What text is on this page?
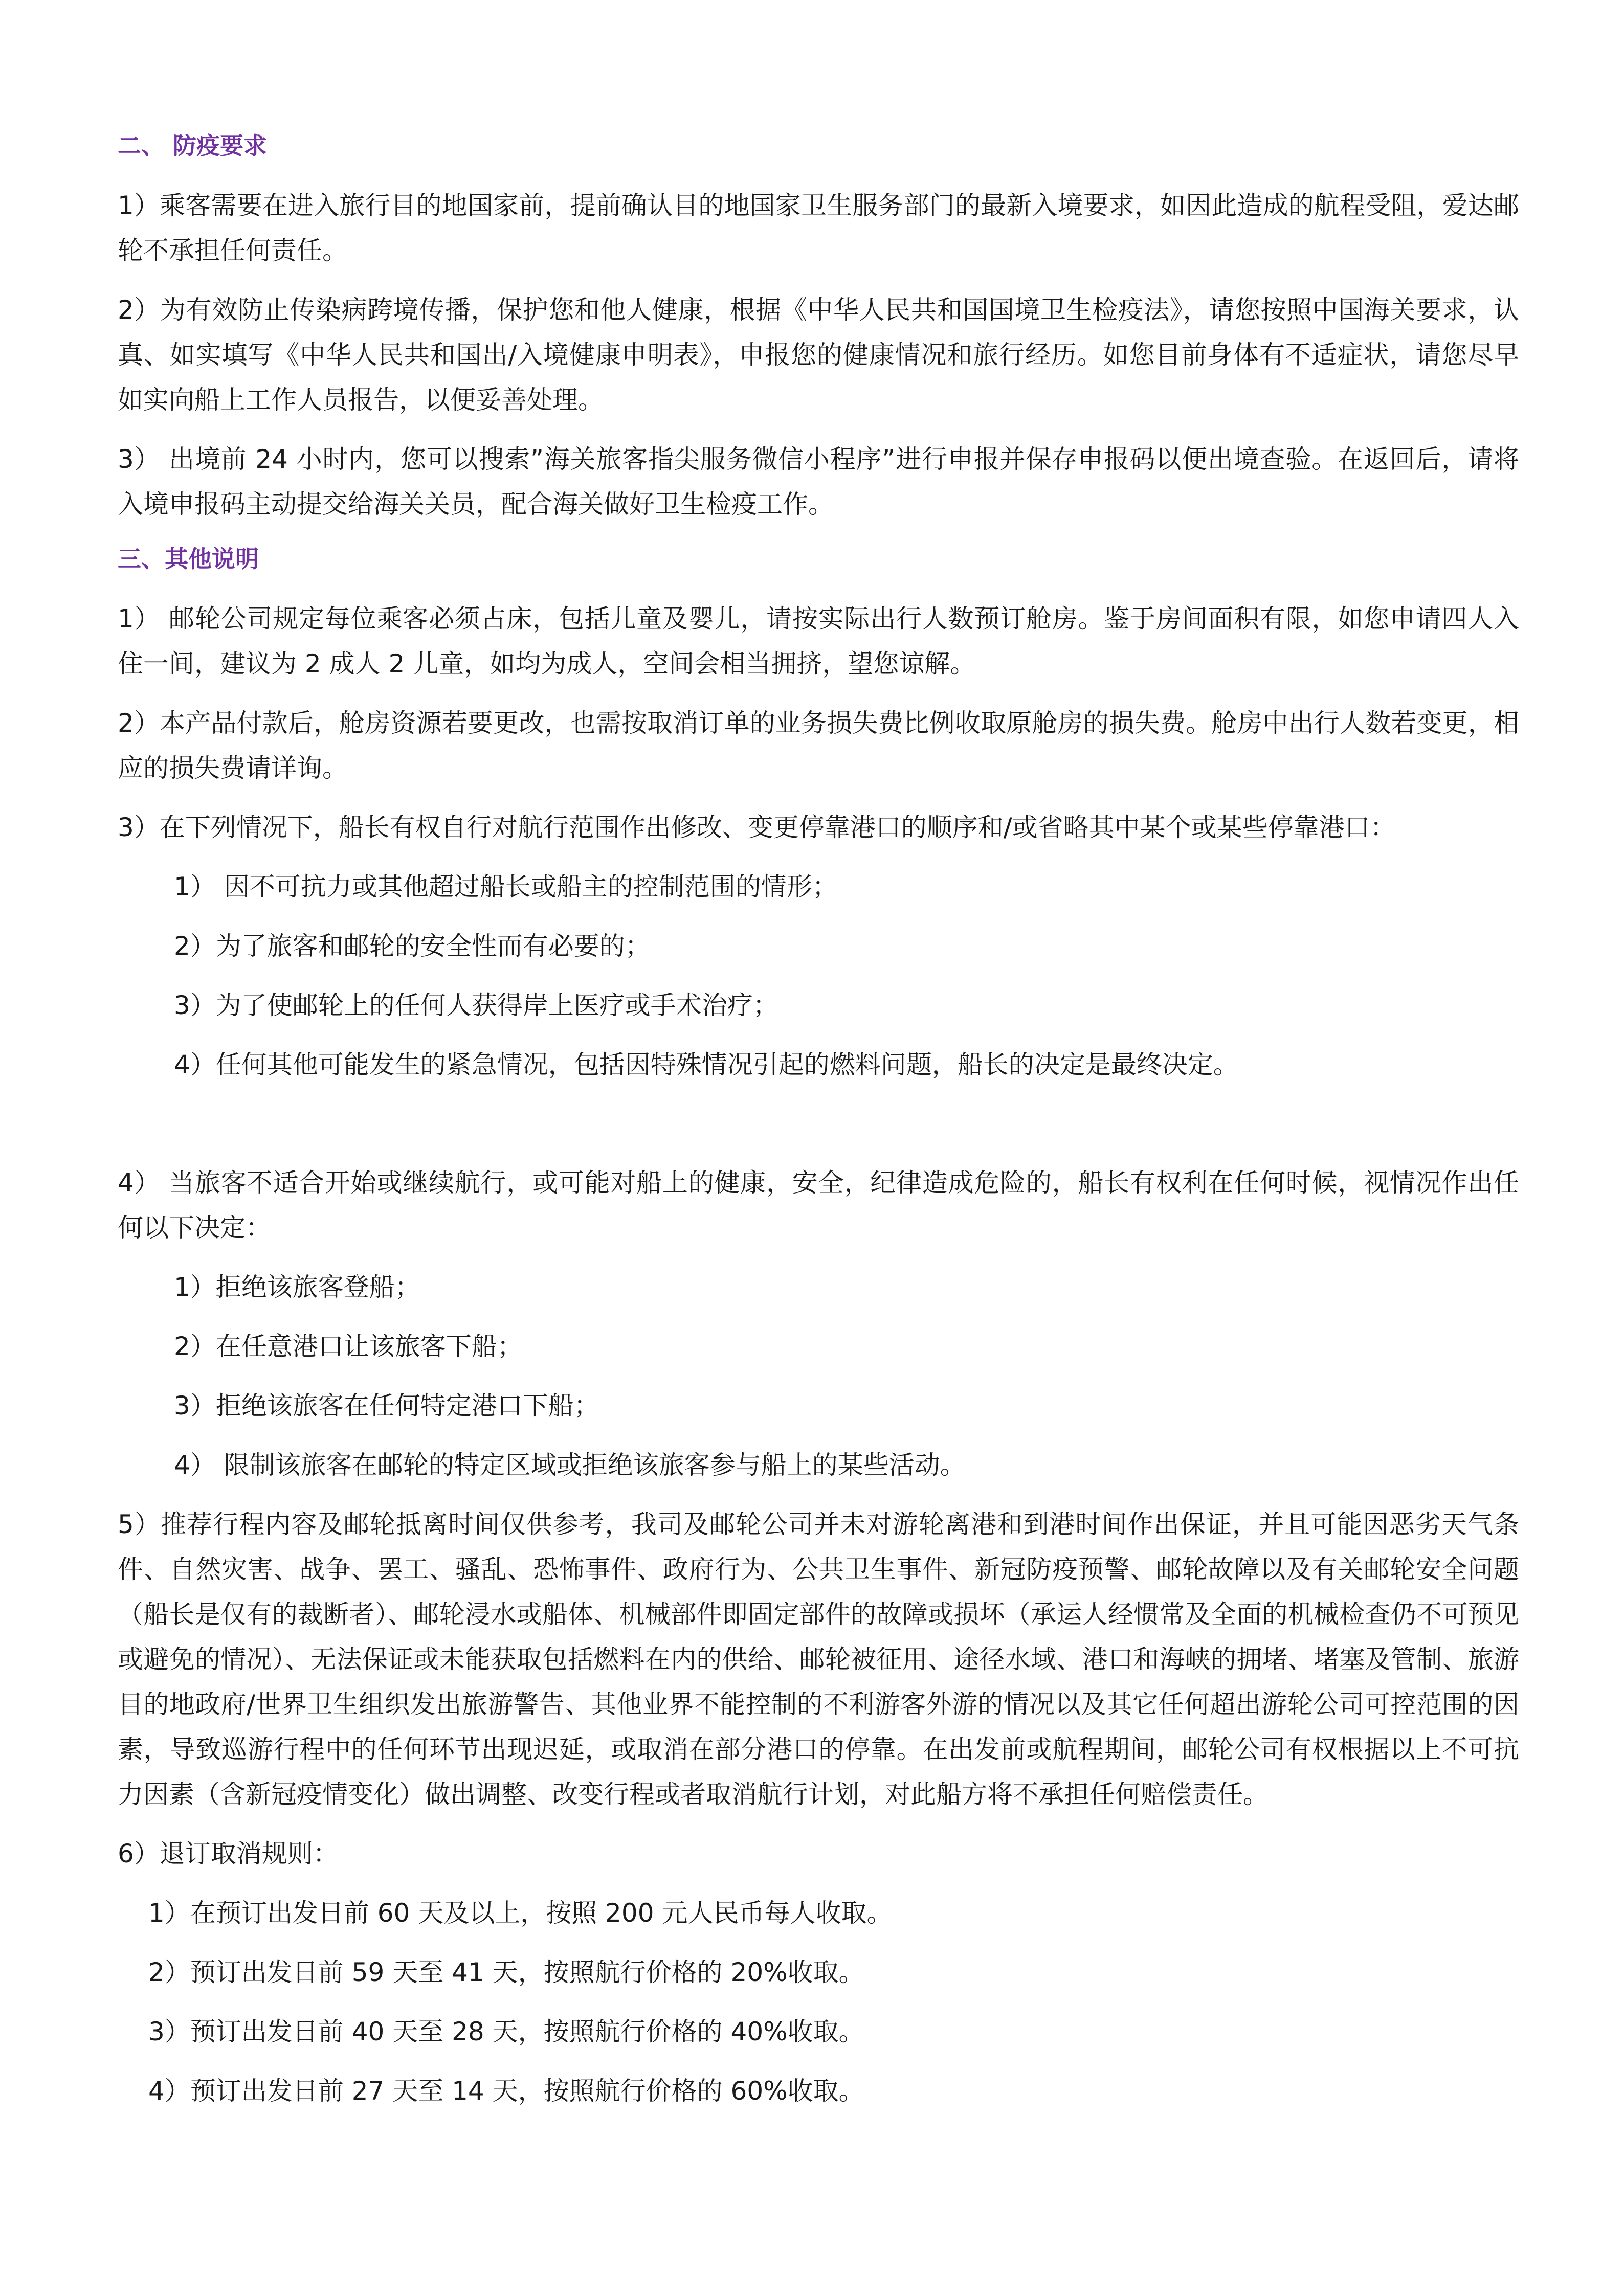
二、 防疫要求
1）乘客需要在进入旅行目的地国家前，提前确认目的地国家卫生服务部门的最新入境要求，如因此造成的航程受阻，爱达邮轮不承担任何责任。
2）为有效防止传染病跨境传播，保护您和他人健康，根据《中华人民共和国国境卫生检疫法》，请您按照中国海关要求，认真、如实填写《中华人民共和国出/入境健康申明表》，申报您的健康情况和旅行经历。如您目前身体有不适症状，请您尽早如实向船上工作人员报告，以便妥善处理。
3） 出境前 24 小时内，您可以搜索”海关旅客指尖服务微信小程序”进行申报并保存申报码以便出境查验。在返回后，请将入境申报码主动提交给海关关员，配合海关做好卫生检疫工作。
三、其他说明
1） 邮轮公司规定每位乘客必须占床，包括儿童及婴儿，请按实际出行人数预订舱房。鉴于房间面积有限，如您申请四人入住一间，建议为 2 成人 2 儿童，如均为成人，空间会相当拥挤，望您谅解。
2）本产品付款后，舱房资源若要更改，也需按取消订单的业务损失费比例收取原舱房的损失费。舱房中出行人数若变更，相应的损失费请详询。
3）在下列情况下，船长有权自行对航行范围作出修改、变更停靠港口的顺序和/或省略其中某个或某些停靠港口：
1） 因不可抗力或其他超过船长或船主的控制范围的情形；
2）为了旅客和邮轮的安全性而有必要的；
3）为了使邮轮上的任何人获得岸上医疗或手术治疗；
4）任何其他可能发生的紧急情况，包括因特殊情况引起的燃料问题，船长的决定是最终决定。
4） 当旅客不适合开始或继续航行，或可能对船上的健康，安全，纪律造成危险的，船长有权利在任何时候，视情况作出任何以下决定：
1）拒绝该旅客登船；
2）在任意港口让该旅客下船；
3）拒绝该旅客在任何特定港口下船；
4） 限制该旅客在邮轮的特定区域或拒绝该旅客参与船上的某些活动。
5）推荐行程内容及邮轮抵离时间仅供参考，我司及邮轮公司并未对游轮离港和到港时间作出保证，并且可能因恶劣天气条件、自然灾害、战争、罢工、骚乱、恐怖事件、政府行为、公共卫生事件、新冠防疫预警、邮轮故障以及有关邮轮安全问题（船长是仅有的裁断者）、邮轮浸水或船体、机械部件即固定部件的故障或损坏（承运人经惯常及全面的机械检查仍不可预见或避免的情况）、无法保证或未能获取包括燃料在内的供给、邮轮被征用、途径水域、港口和海峡的拥堵、堵塞及管制、旅游目的地政府/世界卫生组织发出旅游警告、其他业界不能控制的不利游客外游的情况以及其它任何超出游轮公司可控范围的因素，导致巡游行程中的任何环节出现迟延，或取消在部分港口的停靠。在出发前或航程期间，邮轮公司有权根据以上不可抗力因素（含新冠疫情变化）做出调整、改变行程或者取消航行计划，对此船方将不承担任何赔偿责任。
6）退订取消规则：
1）在预订出发日前 60 天及以上，按照 200 元人民币每人收取。
2）预订出发日前 59 天至 41 天，按照航行价格的 20%收取。
3）预订出发日前 40 天至 28 天，按照航行价格的 40%收取。
4）预订出发日前 27 天至 14 天，按照航行价格的 60%收取。
